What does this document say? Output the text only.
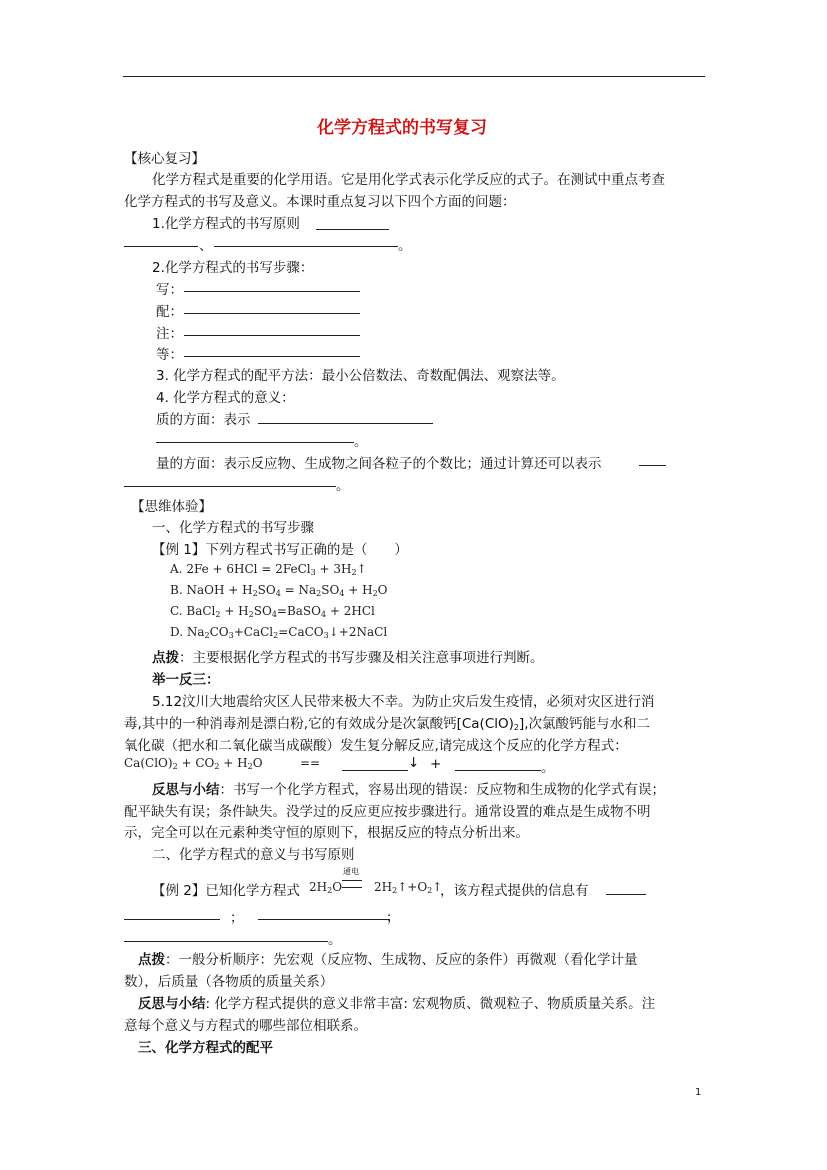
化学方程式的书写复习
【核心复习】
化学方程式是重要的化学用语。它是用化学式表示化学反应的式子。在测试中重点考查
化学方程式的书写及意义。本课时重点复习以下四个方面的问题：
1.化学方程式的书写原则
、	。
2.化学方程式的书写步骤：
写：
配：
注：
等：
3. 化学方程式的配平方法：最小公倍数法、奇数配偶法、观察法等。
4. 化学方程式的意义：
质的方面：表示
。
量的方面：表示反应物、生成物之间各粒子的个数比；通过计算还可以表示
。
【思维体验】
一、化学方程式的书写步骤
【例 1】下列方程式书写正确的是（　　）
A. 2Fe + 6HCl = 2FeCl$_3$ + $3H_2↑$
B. NaOH + $H_2SO_4 = Na_2SO_4 + H_2O$
C. BaCl$_2$ + $H_2SO_4=BaSO_4 + 2HCl$
D. $Na_2CO_3+CaCl_2=CaCO_3↓+2NaCl$
点拨：主要根据化学方程式的书写步骤及相关注意事项进行判断。
举一反三：
5.12汶川大地震给灾区人民带来极大不幸。为防止灾后发生疫情，必须对灾区进行消
毒,其中的一种消毒剂是漂白粉,它的有效成分是次氯酸钙$[Ca(ClO)_2]$,次氯酸钙能与水和二
氧化碳（把水和二氧化碳当成碳酸）发生复分解反应,请完成这个反应的化学方程式：
$Ca(ClO)_2 + CO_2 + H_2O$	==	↓ +	。
反思与小结：书写一个化学方程式，容易出现的错误：反应物和生成物的化学式有误；
配平缺失有误；条件缺失。没学过的反应更应按步骤进行。通常设置的难点是生成物不明
示，完全可以在元素种类守恒的原则下，根据反应的特点分析出来。
二、化学方程式的意义与书写原则
【例 2】已知化学方程式 $2H_2O$
通电
$2H_2↑+O_2↑$
，该方程式提供的信息有
；	；
。
点拨：一般分析顺序：先宏观（反应物、生成物、反应的条件）再微观（看化学计量
数），后质量（各物质的质量关系）
反思与小结: 化学方程式提供的意义非常丰富: 宏观物质、微观粒子、物质质量关系。注
意每个意义与方程式的哪些部位相联系。
三、化学方程式的配平
1
